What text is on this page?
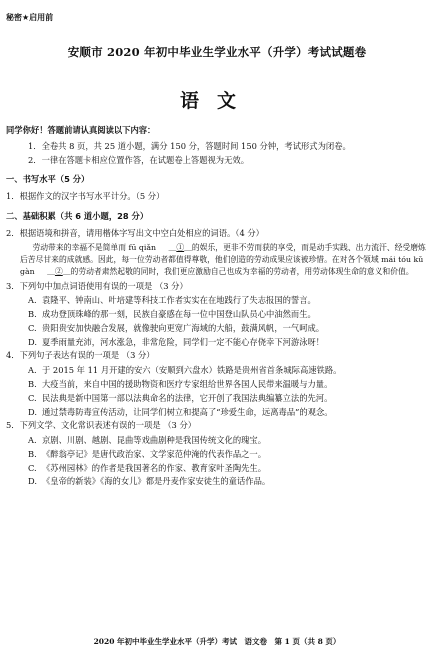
秘密★启用前
安顺市 2020 年初中毕业生学业水平（升学）考试试题卷
语文
同学你好！答题前请认真阅读以下内容：
1．全卷共 8 页，共 25 道小题，满分 150 分，答题时间 150 分钟，考试形式为闭卷。
2．一律在答题卡相应位置作答，在试题卷上答题视为无效。
一、书写水平（5 分）
1．根据作文的汉字书写水平计分。（5 分）
二、基础积累（共 6 道小题，28 分）
2．根据语境和拼音，请用楷体字写出文中空白处相应的词语。（4 分）
劳动带来的幸福不是简单而 fū qiǎn ＿①＿的娱乐，更非不劳而获的享受，而是动手实践、出力流汗、经受磨炼后苦尽甘来的成就感。因此，每一位劳动者都值得尊敬，他们创造的劳动成果应该被珍惜。在对各个领域 mái tóu kǔ gàn ＿②＿的劳动者肃然起敬的同时，我们更应激励自己也成为幸福的劳动者，用劳动体现生命的意义和价值。
3．下列句中加点词语使用有误的一项是 （3 分）
A. 袁隆平、钟南山、叶培建等科技工作者实实在在地践行了失志报国的誓言。
B. 成功登顶珠峰的那一刻，民族自豪感在每一位中国登山队员心中油然而生。
C. 贵阳贵安加快融合发展，就像驶向更宽广海域的大船，鼓满风帆，一气呵成。
D. 夏季雨量充沛，河水涨急，非常危险，同学们一定不能心存侥幸下河游泳呀！
4．下列句子表达有误的一项是 （3 分）
A. 于 2015 年 11 月开建的安六（安顺到六盘水）铁路是贵州省首条城际高速铁路。
B. 大疫当前，来自中国的援助物资和医疗专家组给世界各国人民带来温暖与力量。
C. 民法典是新中国第一部以法典命名的法律，它开创了我国法典编纂立法的先河。
D. 通过禁毒防毒宣传活动，让同学们树立和提高了“珍爱生命，远离毒品”的观念。
5．下列文学、文化常识表述有误的一项是 （3 分）
A. 京剧、川剧、越剧、昆曲等戏曲剧种是我国传统文化的瑰宝。
B. 《醉翁亭记》是唐代政治家、文学家范仲淹的代表作品之一。
C. 《苏州园林》的作者是我国著名的作家、教育家叶圣陶先生。
D. 《皇帝的新装》《海的女儿》都是丹麦作家安徒生的童话作品。
2020 年初中毕业生学业水平（升学）考试　语文卷　第 1 页（共 8 页）
